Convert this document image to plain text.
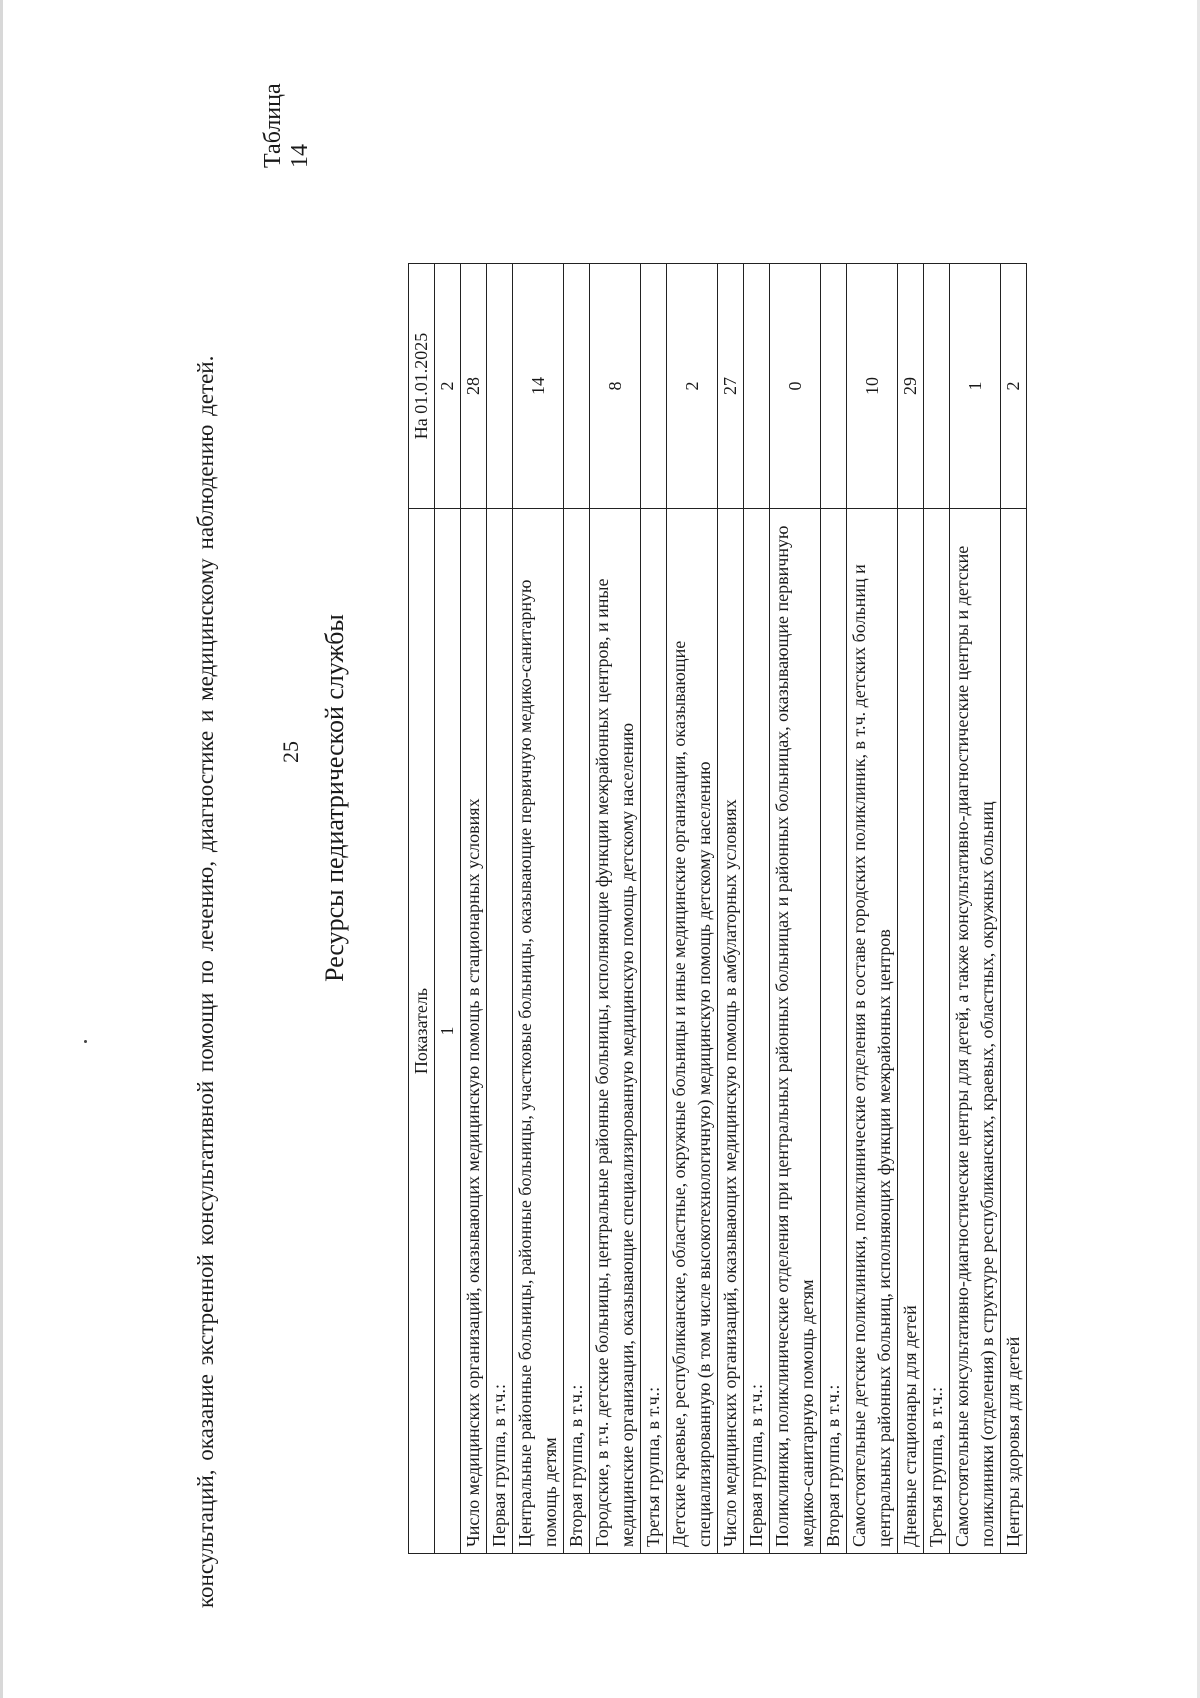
консультаций, оказание экстренной консультативной помощи по лечению, диагностике и медицинскому наблюдению детей.	25
Таблица 14
Ресурсы педиатрической службы
Показатель	На 01.01.2025
1	2
Число медицинских организаций, оказывающих медицинскую помощь в стационарных условиях	28
Первая группа, в т.ч.:	
Центральные районные больницы, районные больницы, участковые больницы, оказывающие первичную медико-санитарную помощь детям	14
Вторая группа, в т.ч.:	
Городские, в т.ч. детские больницы, центральные районные больницы, исполняющие функции межрайонных центров, и иные медицинские организации, оказывающие специализированную медицинскую помощь детскому населению	8
Третья группа, в т.ч.:	
Детские краевые, республиканские, областные, окружные больницы и иные медицинские организации, оказывающие специализированную (в том числе высокотехнологичную) медицинскую помощь детскому населению	2
Число медицинских организаций, оказывающих медицинскую помощь в амбулаторных условиях	27
Первая группа, в т.ч.:	
Поликлиники, поликлинические отделения при центральных районных больницах и районных больницах, оказывающие первичную медико-санитарную помощь детям	0
Вторая группа, в т.ч.:	
Самостоятельные детские поликлиники, поликлинические отделения в составе городских поликлиник, в т.ч. детских больниц и центральных районных больниц, исполняющих функции межрайонных центров	10
Дневные стационары для детей	29
Третья группа, в т.ч.:	
Самостоятельные консультативно-диагностические центры для детей, а также консультативно-диагностические центры и детские поликлиники (отделения) в структуре республиканских, краевых, областных, окружных больниц	1
Центры здоровья для детей	2
